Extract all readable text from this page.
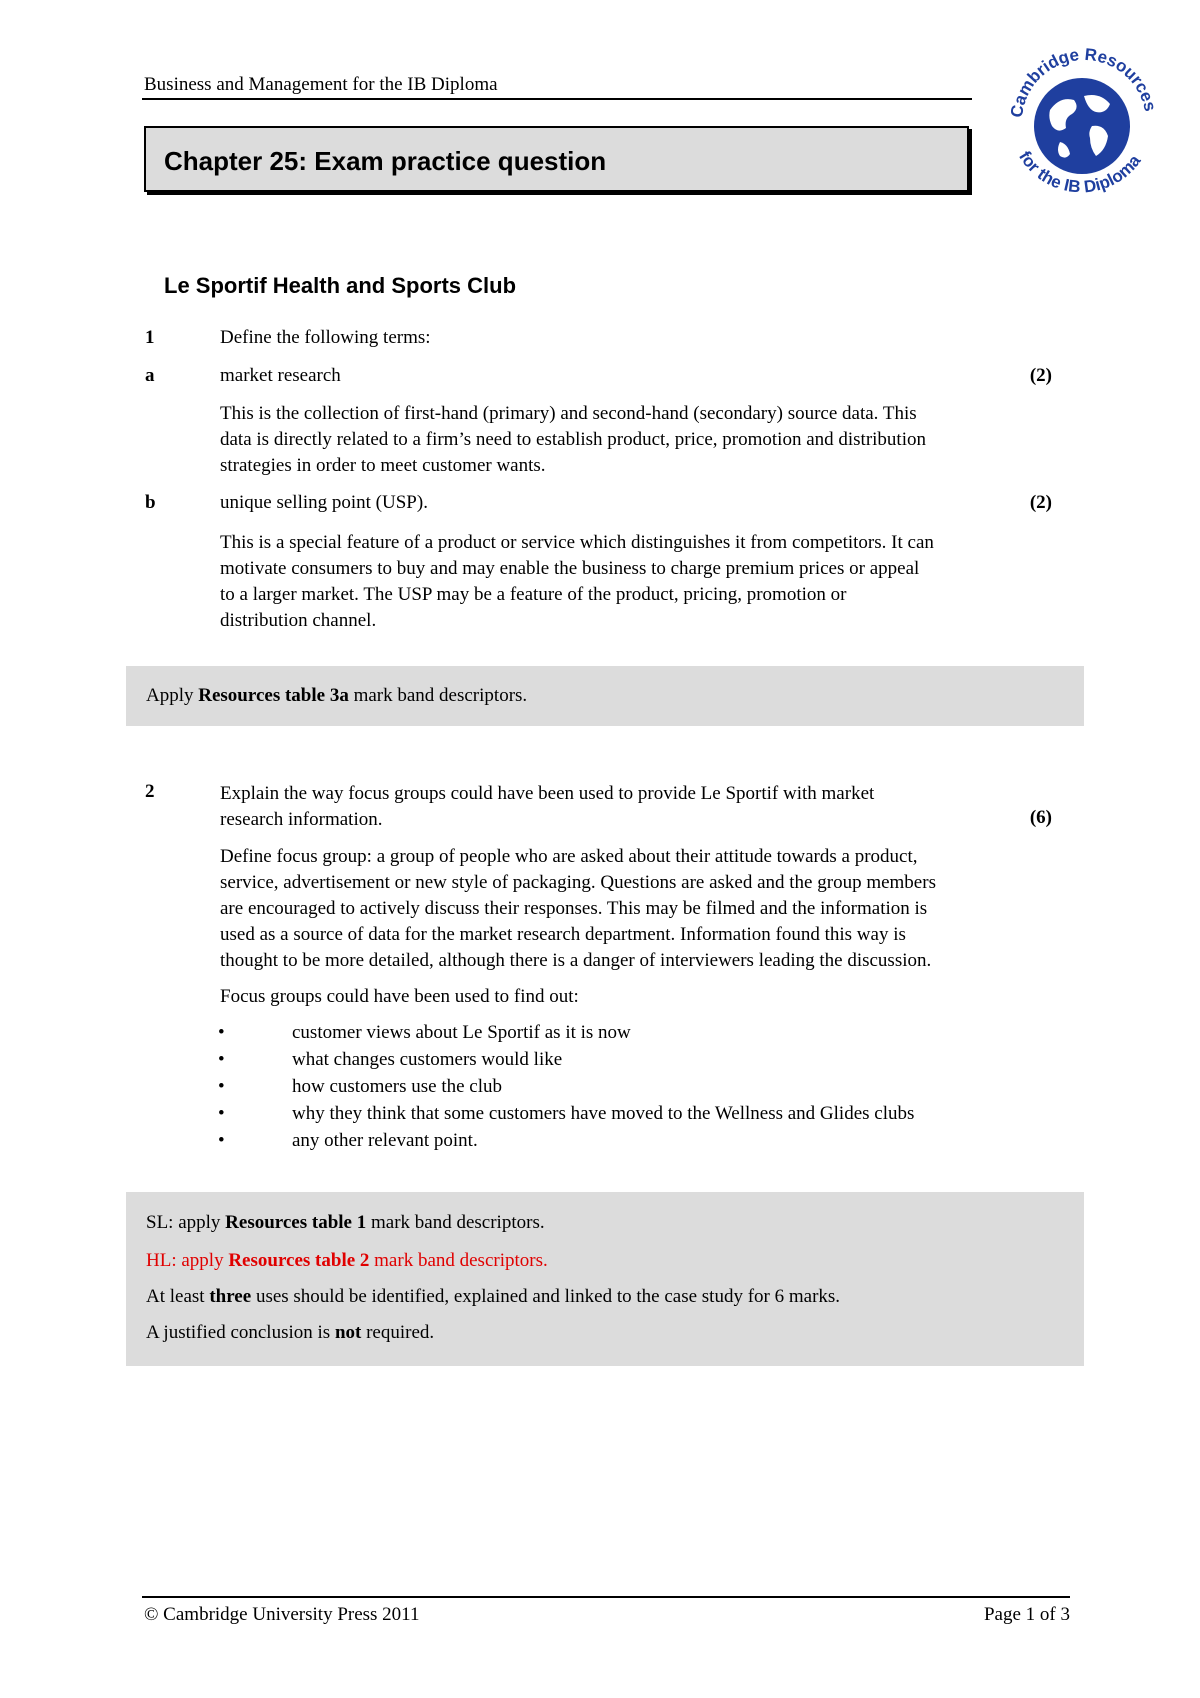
Business and Management for the IB Diploma
Chapter 25: Exam practice question
Cambridge Resources
for the IB Diploma
Le Sportif Health and Sports Club
1	Define the following terms:
a	market research	(2)
This is the collection of first-hand (primary) and second-hand (secondary) source data. This
data is directly related to a firm’s need to establish product, price, promotion and distribution
strategies in order to meet customer wants.
b	unique selling point (USP).	(2)
This is a special feature of a product or service which distinguishes it from competitors. It can
motivate consumers to buy and may enable the business to charge premium prices or appeal
to a larger market. The USP may be a feature of the product, pricing, promotion or
distribution channel.
Apply Resources table 3a mark band descriptors.
2	Explain the way focus groups could have been used to provide Le Sportif with market
research information.	(6)
Define focus group: a group of people who are asked about their attitude towards a product,
service, advertisement or new style of packaging. Questions are asked and the group members
are encouraged to actively discuss their responses. This may be filmed and the information is
used as a source of data for the market research department. Information found this way is
thought to be more detailed, although there is a danger of interviewers leading the discussion.
Focus groups could have been used to find out:
•	customer views about Le Sportif as it is now
•	what changes customers would like
•	how customers use the club
•	why they think that some customers have moved to the Wellness and Glides clubs
•	any other relevant point.
SL: apply Resources table 1 mark band descriptors.
HL: apply Resources table 2 mark band descriptors.
At least three uses should be identified, explained and linked to the case study for 6 marks.
A justified conclusion is not required.
© Cambridge University Press 2011	Page 1 of 3
